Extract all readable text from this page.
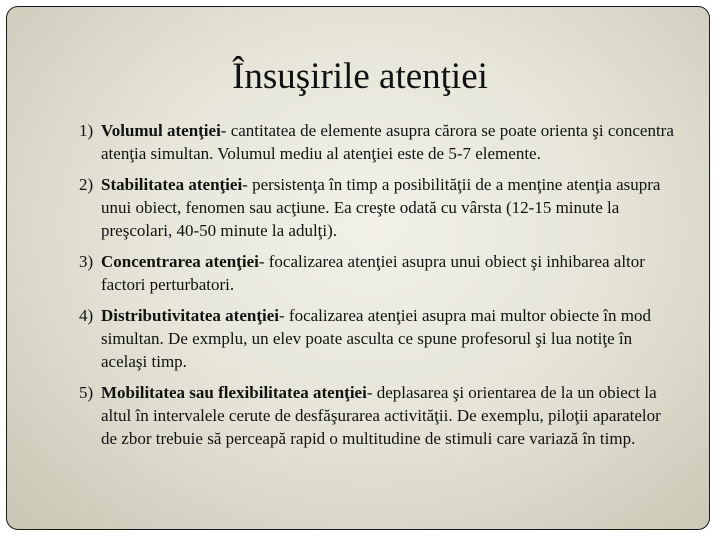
Însuşirile atenţiei
1) Volumul atenţiei- cantitatea de elemente asupra cărora se poate orienta şi concentra atenţia simultan. Volumul mediu al atenţiei este de 5-7 elemente.
2) Stabilitatea atenţiei- persistenţa în timp a posibilităţii de a menţine atenţia asupra unui obiect, fenomen sau acţiune. Ea creşte odată cu vârsta (12-15 minute la preşcolari, 40-50 minute la adulţi).
3) Concentrarea atenţiei- focalizarea atenţiei asupra unui obiect şi inhibarea altor factori perturbatori.
4) Distributivitatea atenţiei- focalizarea atenţiei asupra mai multor obiecte în mod simultan. De exmplu, un elev poate asculta ce spune profesorul şi lua notiţe în acelaşi timp.
5) Mobilitatea sau flexibilitatea atenţiei- deplasarea şi orientarea de la un obiect la altul în intervalele cerute de desfăşurarea activităţii. De exemplu, piloţii aparatelor de zbor trebuie să perceapă rapid o multitudine de stimuli care variază în timp.
